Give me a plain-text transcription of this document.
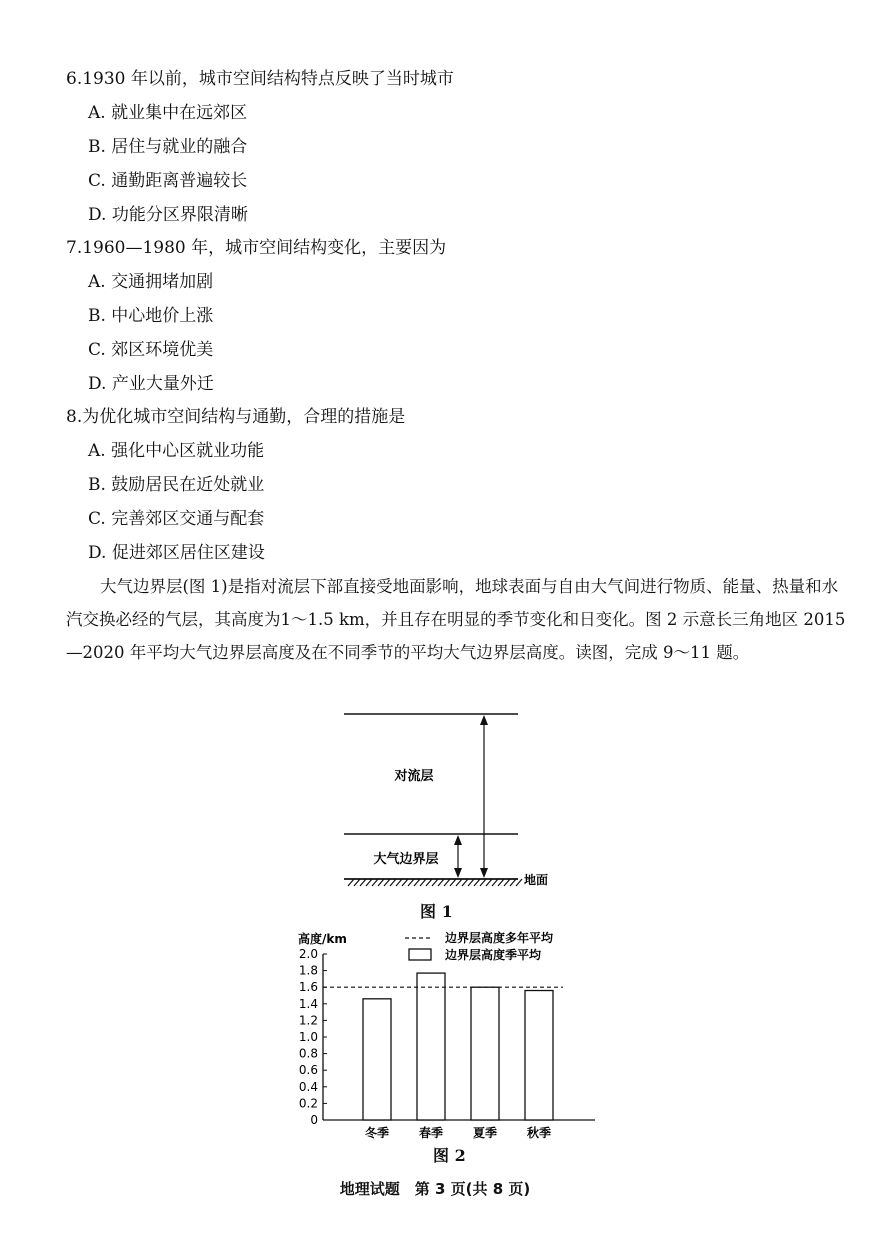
6.1930 年以前，城市空间结构特点反映了当时城市
A. 就业集中在远郊区
B. 居住与就业的融合
C. 通勤距离普遍较长
D. 功能分区界限清晰
7.1960—1980 年，城市空间结构变化，主要因为
A. 交通拥堵加剧
B. 中心地价上涨
C. 郊区环境优美
D. 产业大量外迁
8.为优化城市空间结构与通勤，合理的措施是
A. 强化中心区就业功能
B. 鼓励居民在近处就业
C. 完善郊区交通与配套
D. 促进郊区居住区建设
大气边界层(图 1)是指对流层下部直接受地面影响，地球表面与自由大气间进行物质、能量、热量和水汽交换必经的气层，其高度为1～1.5 km，并且存在明显的季节变化和日变化。图 2 示意长三角地区 2015—2020 年平均大气边界层高度及在不同季节的平均大气边界层高度。读图，完成 9～11 题。
对流层
大气边界层
地面
图 1
高度/km	边界层高度多年平均
边界层高度季平均
0
0.2
0.4
0.6
0.8
1.0
1.2
1.4
1.6
1.8
2.0
冬季 春季 夏季 秋季
图 2
地理试题　第 3 页(共 8 页)
